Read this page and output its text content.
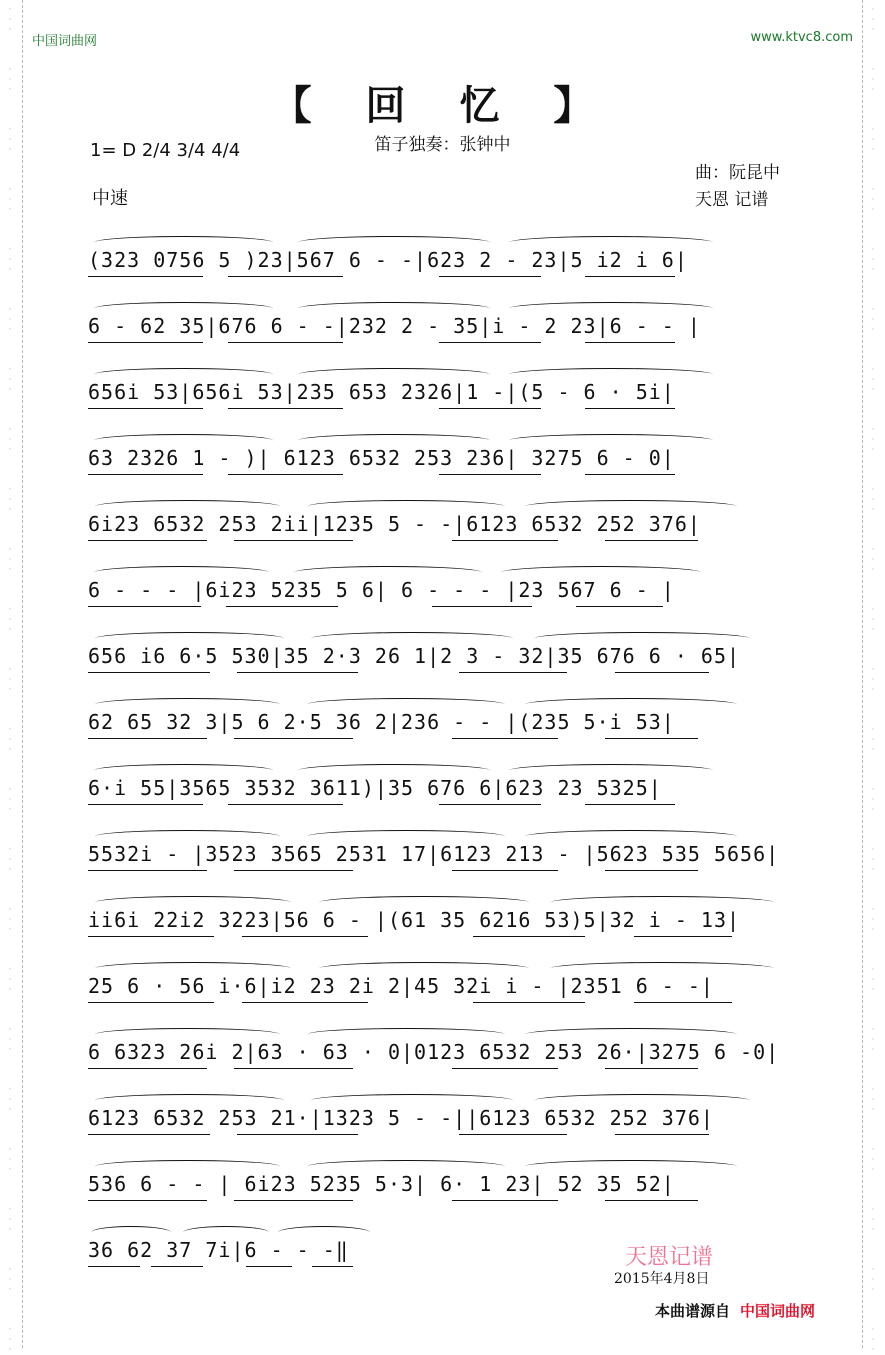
·
·
·
·
·
·
·
·
·
·
·
·
·
·
·
·
·
·
·
·
·
·
·
·
·
·
·
·
·
·
·
·
·
·
·
·
·
·
·
·
·
·
·
·
·
·
·
·
·
·
·
·
·
·
·
·
·
·
·
·
·
·
·
·
·
·
·
·
·
·
·
·
·
·
·
·
·
·
·
·
·
·
·
·
·
·
·
·
·
·
·
·
·
·
·
·
·
·
·
·
·
·
·
·
·
·
·
·
·
·
·
·
·
·
·
·
·
·
·
·
·
·
·
·
·
·
·
·
·
·
·
·
·
·
·
·
·
·
中国词曲网	www.ktvc8.com
【 回 忆 】
笛子独奏：张钟中
1= D 2/4 3/4 4/4
中速
曲：阮昆中
天恩 记谱
(323 0756 5 )23|567 6 - -|623 2 - 23|5 i2 i 6|
6 - 62 35|676 6 - -|232 2 - 35|i - 2 23|6 - - |
656i 53|656i 53|235 653 2326|1 -|(5 - 6 · 5i|
63 2326 1 - )| 6123 6532 253 236| 3275 6 - 0|
6i23 6532 253 2ii|1235 5 - -|6123 6532 252 376|
6 - - - |6i23 5235 5 6| 6 - - - |23 567 6 - |
656 i6 6·5 530|35 2·3 26 1|2 3 - 32|35 676 6 · 65|
62 65 32 3|5 6 2·5 36 2|236 - - |(235 5·i 53|
6·i 55|3565 3532 3611)|35 676 6|623 23 5325|
5532i - |3523 3565 2531 17|6123 213 - |5623 535 5656|
ii6i 22i2 3223|56 6 - |(61 35 6216 53)5|32 i - 13|
25 6 · 56 i·6|i2 23 2i 2|45 32i i - |2351 6 - -|
6 6323 26i 2|63 · 63 · 0|0123 6532 253 26·|3275 6 -0|
6123 6532 253 21·|1323 5 - -||6123 6532 252 376|
536 6 - - | 6i23 5235 5·3| 6· 1 23| 52 35 52|
36 62 37 7i|6 - - -‖	天恩记谱
2015年4月8日
本曲谱源自 中国词曲网
